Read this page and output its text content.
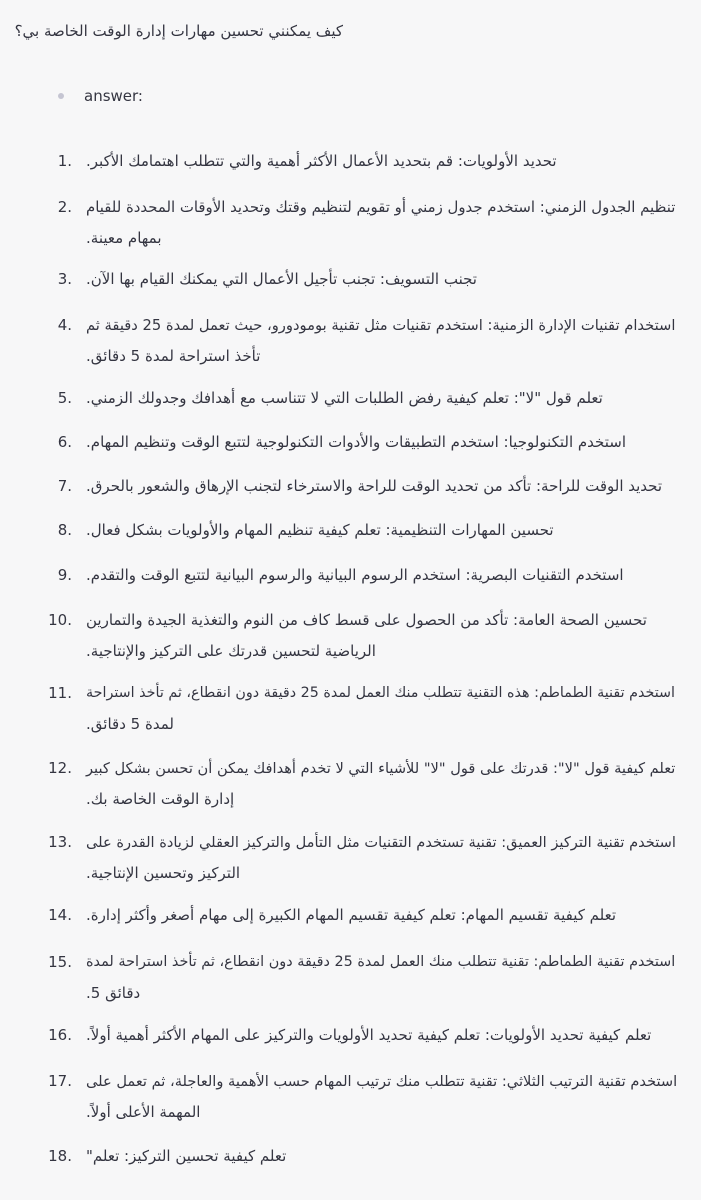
كيف يمكنني تحسين مهارات إدارة الوقت الخاصة بي؟
answer:
1. .تحديد الأولويات: قم بتحديد الأعمال الأكثر أهمية والتي تتطلب اهتمامك الأكبر
2. تنظيم الجدول الزمني: استخدم جدول زمني أو تقويم لتنظيم وقتك وتحديد الأوقات المحددة للقيام
.بمهام معينة
3. .تجنب التسويف: تجنب تأجيل الأعمال التي يمكنك القيام بها الآن
4. استخدام تقنيات الإدارة الزمنية: استخدم تقنيات مثل تقنية بومودورو، حيث تعمل لمدة 25 دقيقة ثم
.تأخذ استراحة لمدة 5 دقائق
5. .تعلم قول "لا": تعلم كيفية رفض الطلبات التي لا تتناسب مع أهدافك وجدولك الزمني
6. .استخدم التكنولوجيا: استخدم التطبيقات والأدوات التكنولوجية لتتبع الوقت وتنظيم المهام
7. .تحديد الوقت للراحة: تأكد من تحديد الوقت للراحة والاسترخاء لتجنب الإرهاق والشعور بالحرق
8. .تحسين المهارات التنظيمية: تعلم كيفية تنظيم المهام والأولويات بشكل فعال
9. .استخدم التقنيات البصرية: استخدم الرسوم البيانية والرسوم البيانية لتتبع الوقت والتقدم
10. تحسين الصحة العامة: تأكد من الحصول على قسط كاف من النوم والتغذية الجيدة والتمارين
.الرياضية لتحسين قدرتك على التركيز والإنتاجية
11. استخدم تقنية الطماطم: هذه التقنية تتطلب منك العمل لمدة 25 دقيقة دون انقطاع، ثم تأخذ استراحة
.لمدة 5 دقائق
12. تعلم كيفية قول "لا": قدرتك على قول "لا" للأشياء التي لا تخدم أهدافك يمكن أن تحسن بشكل كبير
.إدارة الوقت الخاصة بك
13. استخدم تقنية التركيز العميق: تقنية تستخدم التقنيات مثل التأمل والتركيز العقلي لزيادة القدرة على
.التركيز وتحسين الإنتاجية
14. .تعلم كيفية تقسيم المهام: تعلم كيفية تقسيم المهام الكبيرة إلى مهام أصغر وأكثر إدارة
15. استخدم تقنية الطماطم: تقنية تتطلب منك العمل لمدة 25 دقيقة دون انقطاع، ثم تأخذ استراحة لمدة
.5 دقائق
16. .تعلم كيفية تحديد الأولويات: تعلم كيفية تحديد الأولويات والتركيز على المهام الأكثر أهمية أولاً
17. استخدم تقنية الترتيب الثلاثي: تقنية تتطلب منك ترتيب المهام حسب الأهمية والعاجلة، ثم تعمل على
.المهمة الأعلى أولاً
18. "تعلم كيفية تحسين التركيز: تعلم
